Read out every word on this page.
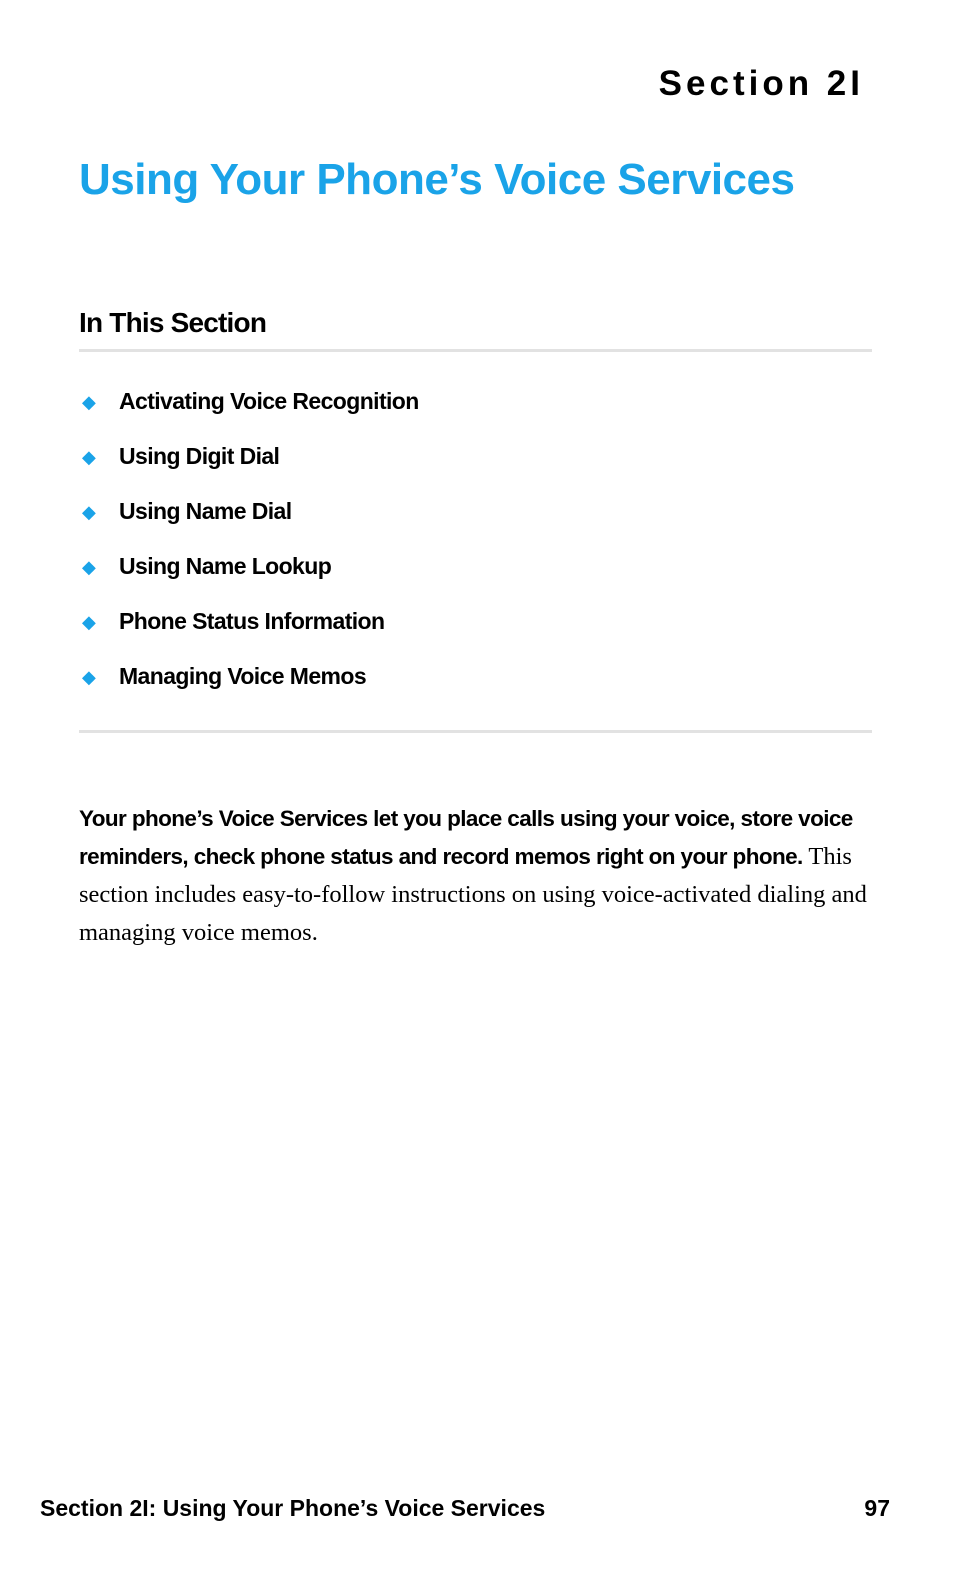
Section 2I
Using Your Phone’s Voice Services
In This Section
◆	Activating Voice Recognition
◆	Using Digit Dial
◆	Using Name Dial
◆	Using Name Lookup
◆	Phone Status Information
◆	Managing Voice Memos

Your phone’s Voice Services let you place calls using your voice, store voice reminders, check phone status and record memos right on your phone. This section includes easy-to-follow instructions on using voice-activated dialing and managing voice memos.

Section 2I: Using Your Phone’s Voice Services	97
